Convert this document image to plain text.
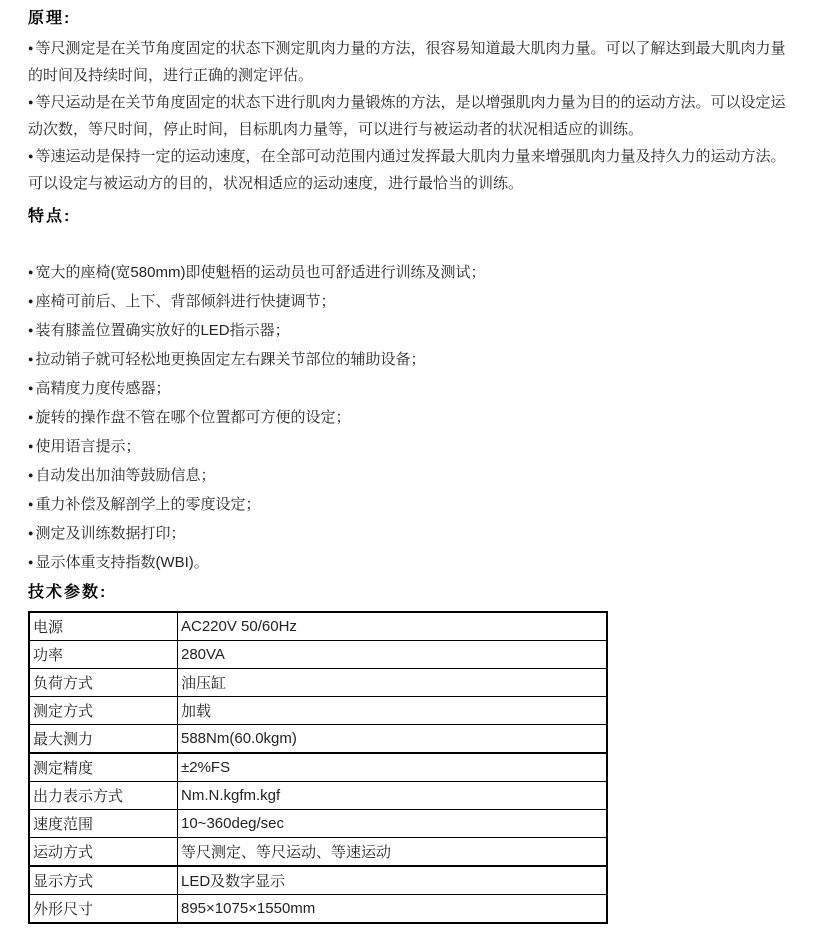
原理:

● 等尺测定是在关节角度固定的状态下测定肌肉力量的方法，很容易知道最大肌肉力量。可以了解达到最大肌肉力量的时间及持续时间，进行正确的测定评估。

● 等尺运动是在关节角度固定的状态下进行肌肉力量锻炼的方法，是以增强肌肉力量为目的的运动方法。可以设定运动次数，等尺时间，停止时间，目标肌肉力量等，可以进行与被运动者的状况相适应的训练。

● 等速运动是保持一定的运动速度，在全部可动范围内通过发挥最大肌肉力量来增强肌肉力量及持久力的运动方法。可以设定与被运动方的目的，状况相适应的运动速度，进行最恰当的训练。

特点:

● 宽大的座椅(宽580mm)即使魁梧的运动员也可舒适进行训练及测试；

● 座椅可前后、上下、背部倾斜进行快捷调节；

● 装有膝盖位置确实放好的LED指示器；

● 拉动销子就可轻松地更换固定左右踝关节部位的辅助设备；

● 高精度力度传感器；

● 旋转的操作盘不管在哪个位置都可方便的设定；

● 使用语言提示；

● 自动发出加油等鼓励信息；

● 重力补偿及解剖学上的零度设定；

● 测定及训练数据打印；

● 显示体重支持指数(WBI)。

技术参数:
电源	AC220V 50/60Hz
功率	280VA
负荷方式	油压缸
测定方式	加载
最大测力	588Nm(60.0kgm)
测定精度	±2%FS
出力表示方式	Nm.N.kgfm.kgf
速度范围	10~360deg/sec
运动方式	等尺测定、等尺运动、等速运动
显示方式	LED及数字显示
外形尺寸	895×1075×1550mm
